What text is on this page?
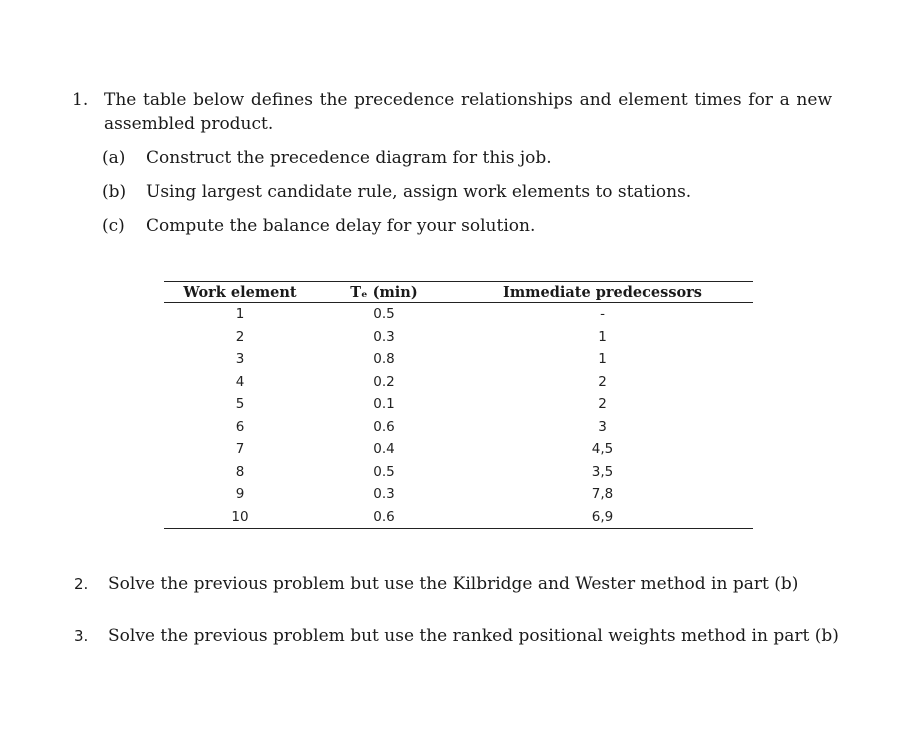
1. The table below defines the precedence relationships and element times for a new assembled product.
(a) Construct the precedence diagram for this job.
(b) Using largest candidate rule, assign work elements to stations.
(c) Compute the balance delay for your solution.
Work element	Tₑ (min)	Immediate predecessors
1	0.5	-
2	0.3	1
3	0.8	1
4	0.2	2
5	0.1	2
6	0.6	3
7	0.4	4,5
8	0.5	3,5
9	0.3	7,8
10	0.6	6,9
2. Solve the previous problem but use the Kilbridge and Wester method in part (b)
3. Solve the previous problem but use the ranked positional weights method in part (b)
